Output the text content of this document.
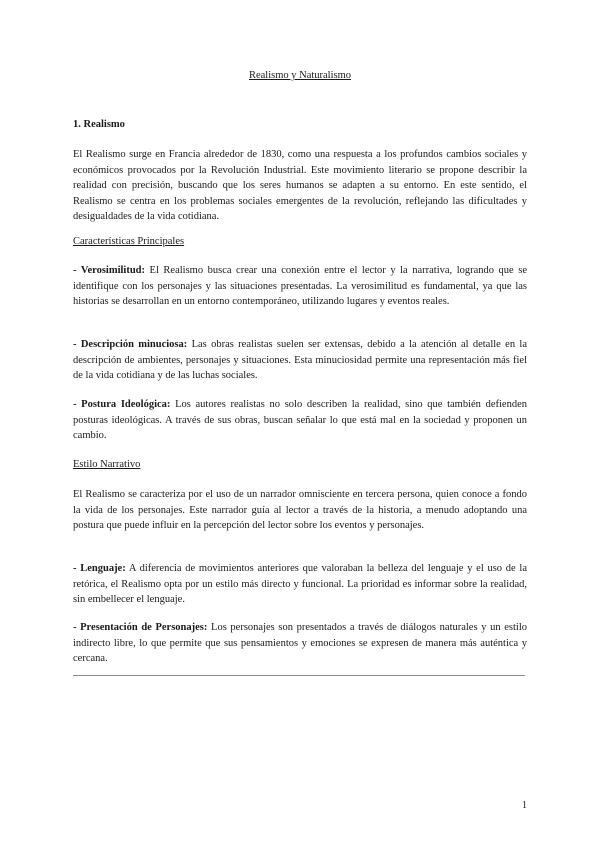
Realismo y Naturalismo
1. Realismo

El Realismo surge en Francia alrededor de 1830, como una respuesta a los profundos cambios sociales y económicos provocados por la Revolución Industrial. Este movimiento literario se propone describir la realidad con precisión, buscando que los seres humanos se adapten a su entorno. En este sentido, el Realismo se centra en los problemas sociales emergentes de la revolución, reflejando las dificultades y desigualdades de la vida cotidiana.

Características Principales

- Verosimilitud: El Realismo busca crear una conexión entre el lector y la narrativa, logrando que se identifique con los personajes y las situaciones presentadas. La verosimilitud es fundamental, ya que las historias se desarrollan en un entorno contemporáneo, utilizando lugares y eventos reales.

- Descripción minuciosa: Las obras realistas suelen ser extensas, debido a la atención al detalle en la descripción de ambientes, personajes y situaciones. Esta minuciosidad permite una representación más fiel de la vida cotidiana y de las luchas sociales.

- Postura Ideológica: Los autores realistas no solo describen la realidad, sino que también defienden posturas ideológicas. A través de sus obras, buscan señalar lo que está mal en la sociedad y proponen un cambio.

Estilo Narrativo

El Realismo se caracteriza por el uso de un narrador omnisciente en tercera persona, quien conoce a fondo la vida de los personajes. Este narrador guía al lector a través de la historia, a menudo adoptando una postura que puede influir en la percepción del lector sobre los eventos y personajes.

- Lenguaje: A diferencia de movimientos anteriores que valoraban la belleza del lenguaje y el uso de la retórica, el Realismo opta por un estilo más directo y funcional. La prioridad es informar sobre la realidad, sin embellecer el lenguaje.

- Presentación de Personajes: Los personajes son presentados a través de diálogos naturales y un estilo indirecto libre, lo que permite que sus pensamientos y emociones se expresen de manera más auténtica y cercana.

1
